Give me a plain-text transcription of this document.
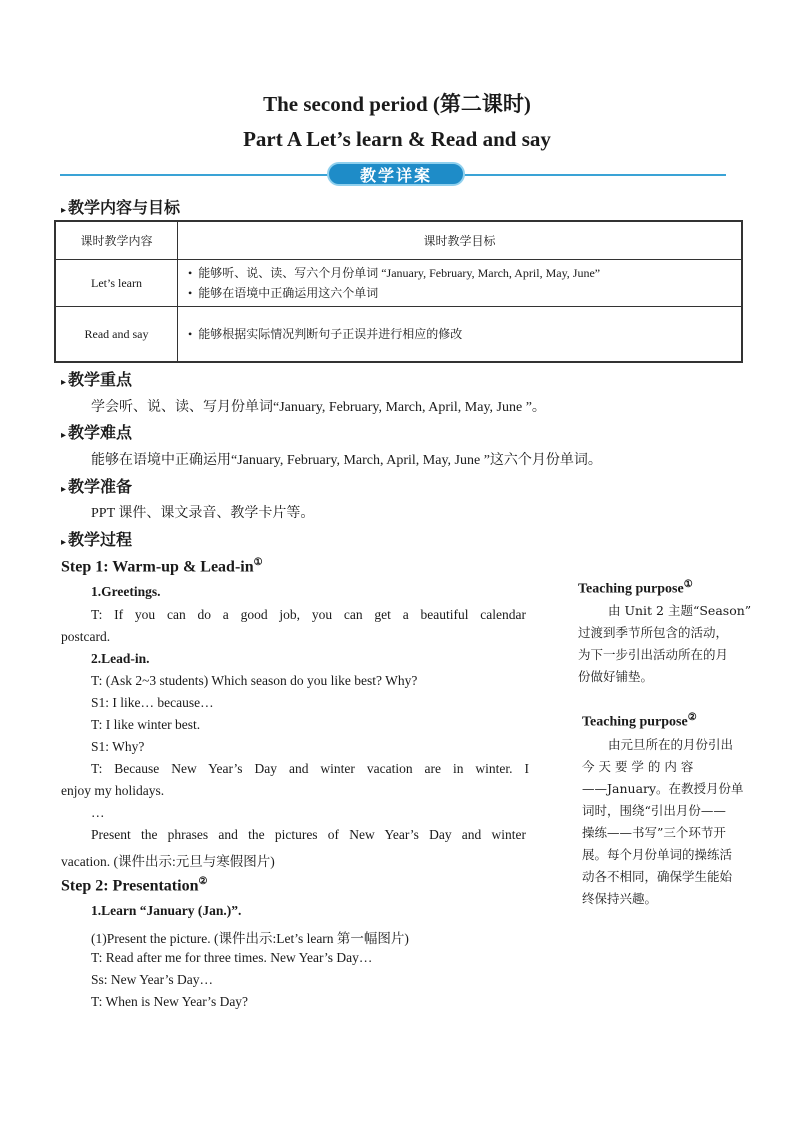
The second period (第二课时)
Part A Let’s learn & Read and say
教学详案
▸ 教学内容与目标
课时教学内容	课时教学目标
Let’s learn	• 能够听、说、读、写六个月份单词 “January, February, March, April, May, June”
• 能够在语境中正确运用这六个单词

Read and say	• 能够根据实际情况判断句子正误并进行相应的修改
▸ 教学重点
学会听、说、读、写月份单词“January, February, March, April, May, June ”。
▸ 教学难点
能够在语境中正确运用“January, February, March, April, May, June ”这六个月份单词。
▸ 教学准备
PPT 课件、课文录音、教学卡片等。
▸ 教学过程
Step 1: Warm-up & Lead-in①
1.Greetings.
T: If you can do a good job, you can get a beautiful calendar
postcard.
2.Lead-in.
T: (Ask 2~3 students) Which season do you like best? Why?
S1: I like… because…
T: I like winter best.
S1: Why?
T: Because New Year’s Day and winter vacation are in winter. I
enjoy my holidays.
…
Present the phrases and the pictures of New Year’s Day and winter
vacation. (课件出示:元旦与寒假图片)
Step 2: Presentation②
1.Learn “January (Jan.)”.
(1)Present the picture. (课件出示:Let’s learn 第一幅图片)
T: Read after me for three times. New Year’s Day…
Ss: New Year’s Day…
T: When is New Year’s Day?
Teaching purpose①
由 Unit 2 主题“Season”
过渡到季节所包含的活动，
为下一步引出活动所在的月
份做好铺垫。
Teaching purpose②
由元旦所在的月份引出
今 天 要 学 的 内 容
——January。在教授月份单
词时，围绕“引出月份——
操练——书写”三个环节开
展。每个月份单词的操练活
动各不相同，确保学生能始
终保持兴趣。
